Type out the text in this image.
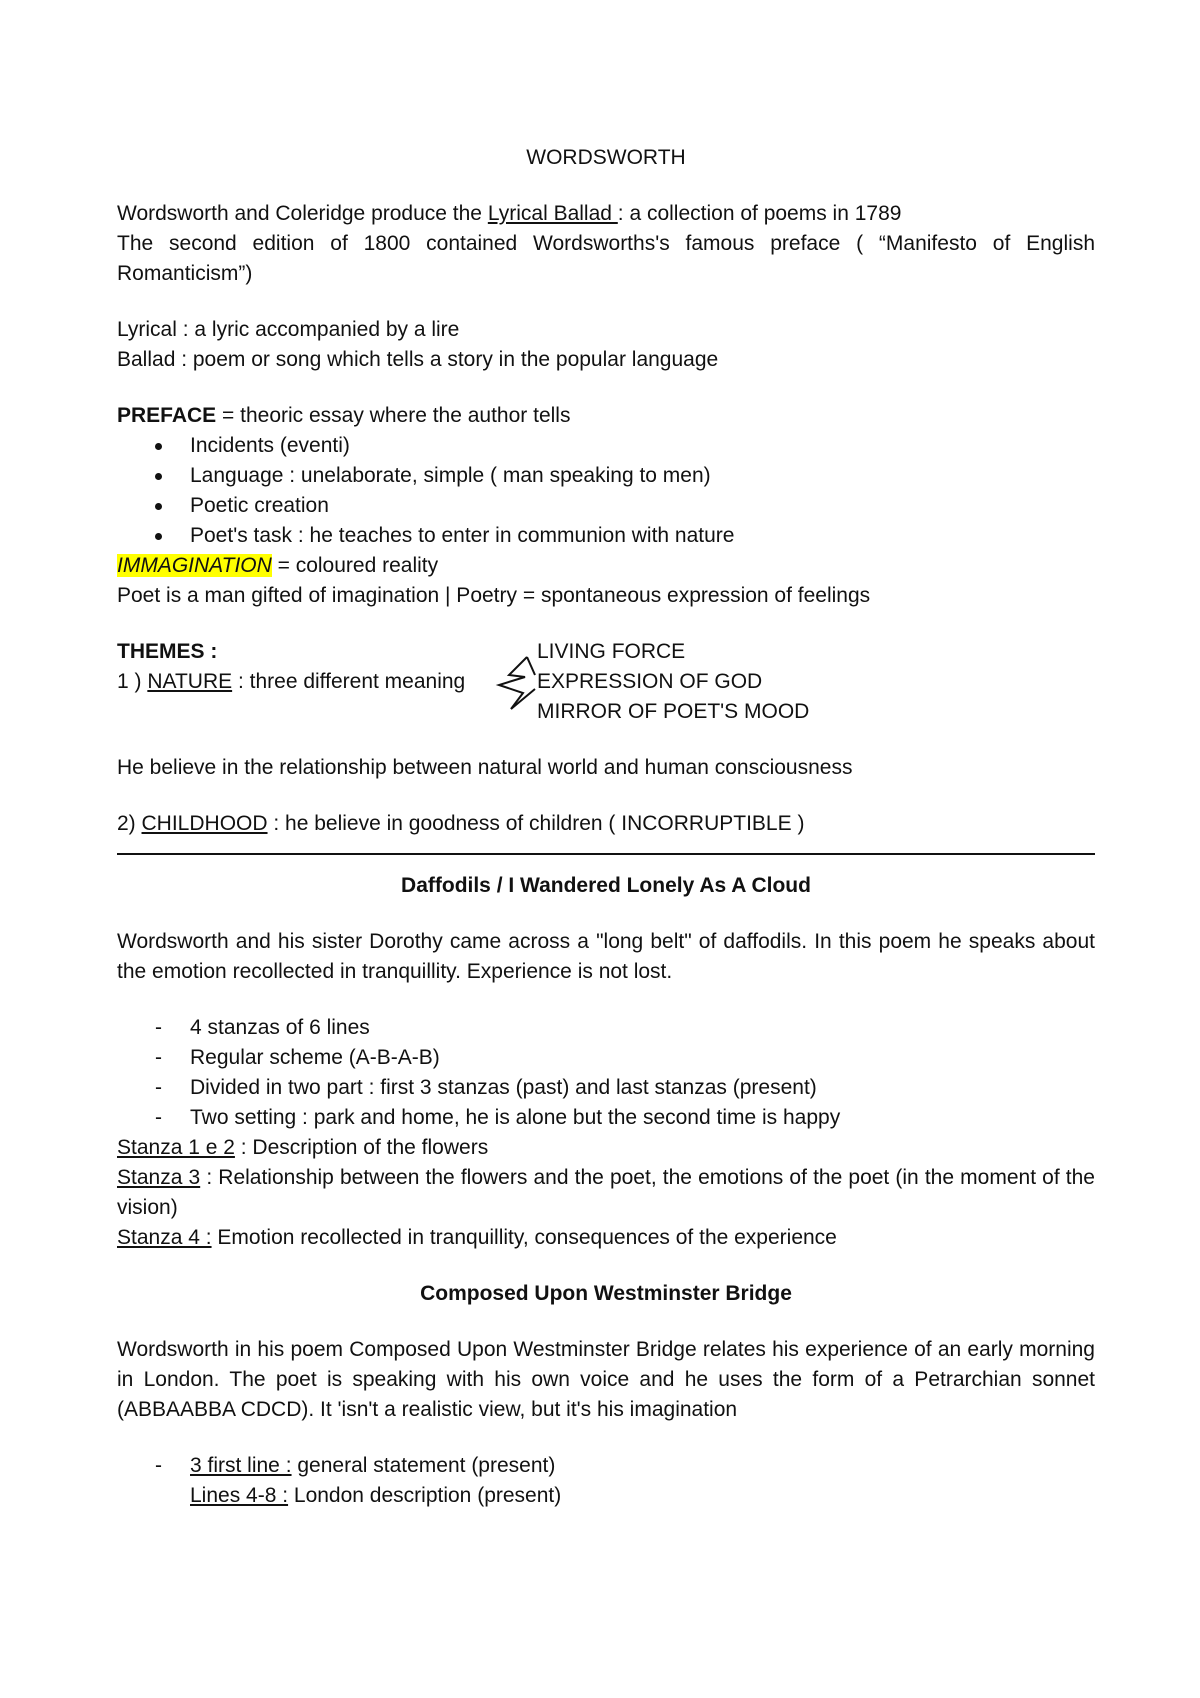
WORDSWORTH

Wordsworth and Coleridge produce the Lyrical Ballad : a collection of poems in 1789

The second edition of 1800 contained Wordsworths's famous preface ( “Manifesto of English Romanticism”)

Lyrical : a lyric accompanied by a lire

Ballad : poem or song which tells a story in the popular language

PREFACE = theoric essay where the author tells

Incidents (eventi)
Language : unelaborate, simple ( man speaking to men)
Poetic creation
Poet's task : he teaches to enter in communion with nature

IMMAGINATION = coloured reality

Poet is a man gifted of imagination | Poetry = spontaneous expression of feelings

THEMES :
1 ) NATURE : three different meaning
LIVING FORCE
EXPRESSION OF GOD
MIRROR OF POET'S MOOD

He believe in the relationship between natural world and human consciousness

2) CHILDHOOD : he believe in goodness of children ( INCORRUPTIBLE )

Daffodils / I Wandered Lonely As A Cloud

Wordsworth and his sister Dorothy came across a "long belt" of daffodils. In this poem he speaks about the emotion recollected in tranquillity. Experience is not lost.

- 4 stanzas of 6 lines
- Regular scheme (A-B-A-B)
- Divided in two part : first 3 stanzas (past) and last stanzas (present)
- Two setting : park and home, he is alone but the second time is happy

Stanza 1 e 2 : Description of the flowers

Stanza 3 : Relationship between the flowers and the poet, the emotions of the poet (in the moment of the vision)

Stanza 4 : Emotion recollected in tranquillity, consequences of the experience

Composed Upon Westminster Bridge

Wordsworth in his poem Composed Upon Westminster Bridge relates his experience of an early morning in London. The poet is speaking with his own voice and he uses the form of a Petrarchian sonnet (ABBAABBA CDCD). It 'isn't a realistic view, but it's his imagination

- 3 first line : general statement (present)

Lines 4-8 : London description (present)
